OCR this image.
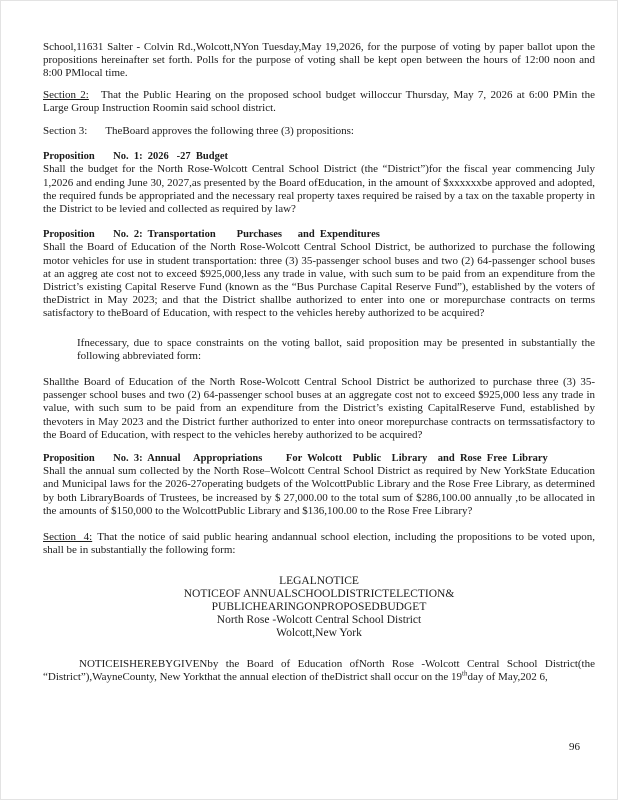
School,11631 Salter - Colvin Rd.,Wolcott,NYon Tuesday,May 19,2026, for the purpose of voting by paper ballot upon the propositions hereinafter set forth. Polls for the purpose of voting shall be kept open between the hours of 12:00 noon and 8:00 PMlocal time.

Section 2: That the Public Hearing on the proposed school budget willoccur Thursday, May 7, 2026 at 6:00 PMin the Large Group Instruction Roomin said school district.

Section 3: TheBoard approves the following three (3) propositions:

Proposition       No.  1:  2026   -27  Budget

Shall the budget for the North Rose-Wolcott Central School District (the “District”)for the fiscal year commencing July 1,2026 and ending June 30, 2027,as presented by the Board ofEducation, in the amount of $xxxxxxbe approved and adopted, the required funds be appropriated and the necessary real property taxes required be raised by a tax on the taxable property in the District to be levied and collected as required by law?

Proposition       No.  2:  Transportation        Purchases      and  Expenditures

Shall the Board of Education of the North Rose-Wolcott Central School District, be authorized to purchase the following motor vehicles for use in student transportation: three (3) 35-passenger school buses and two (2) 64-passenger school buses at an aggreg ate cost not to exceed $925,000,less any trade in value, with such sum to be paid from an expenditure from the District’s existing Capital Reserve Fund (known as the “Bus Purchase Capital Reserve Fund”), established by the voters of theDistrict in May 2023; and that the District shallbe authorized to enter into one or morepurchase contracts on terms satisfactory to theBoard of Education, with respect to the vehicles hereby authorized to be acquired?

Ifnecessary, due to space constraints on the voting ballot, said proposition may be presented in substantially the following abbreviated form:

Shallthe Board of Education of the North Rose-Wolcott Central School District be authorized to purchase three (3) 35-passenger school buses and two (2) 64-passenger school buses at an aggregate cost not to exceed $925,000 less any trade in value, with such sum to be paid from an expenditure from the District’s existing CapitalReserve Fund, established by thevoters in May 2023 and the District further authorized to enter into oneor morepurchase contracts on termssatisfactory to the Board of Education, with respect to the vehicles hereby authorized to be acquired?

Proposition       No.  3:  Annual     Appropriations         For  Wolcott    Public    Library    and  Rose  Free  Library

Shall the annual sum collected by the North Rose–Wolcott Central School District as required by New YorkState Education and Municipal laws for the 2026-27operating budgets of the WolcottPublic Library and the Rose Free Library, as determined by both LibraryBoards of Trustees, be increased by $ 27,000.00 to the total sum of $286,100.00 annually ,to be allocated in the amounts of $150,000 to the WolcottPublic Library and $136,100.00 to the Rose Free Library?

Section  4: That the notice of said public hearing andannual school election, including the propositions to be voted upon, shall be in substantially the following form:

LEGALNOTICE
NOTICEOF ANNUALSCHOOLDISTRICTELECTION&
PUBLICHEARINGONPROPOSEDBUDGET
North Rose -Wolcott Central School District
Wolcott,New York

NOTICEISHEREBYGIVENby the Board of Education ofNorth Rose -Wolcott Central School District(the “District”),WayneCounty, New Yorkthat the annual election of theDistrict shall occur on the 19thday of May,202 6,

96
